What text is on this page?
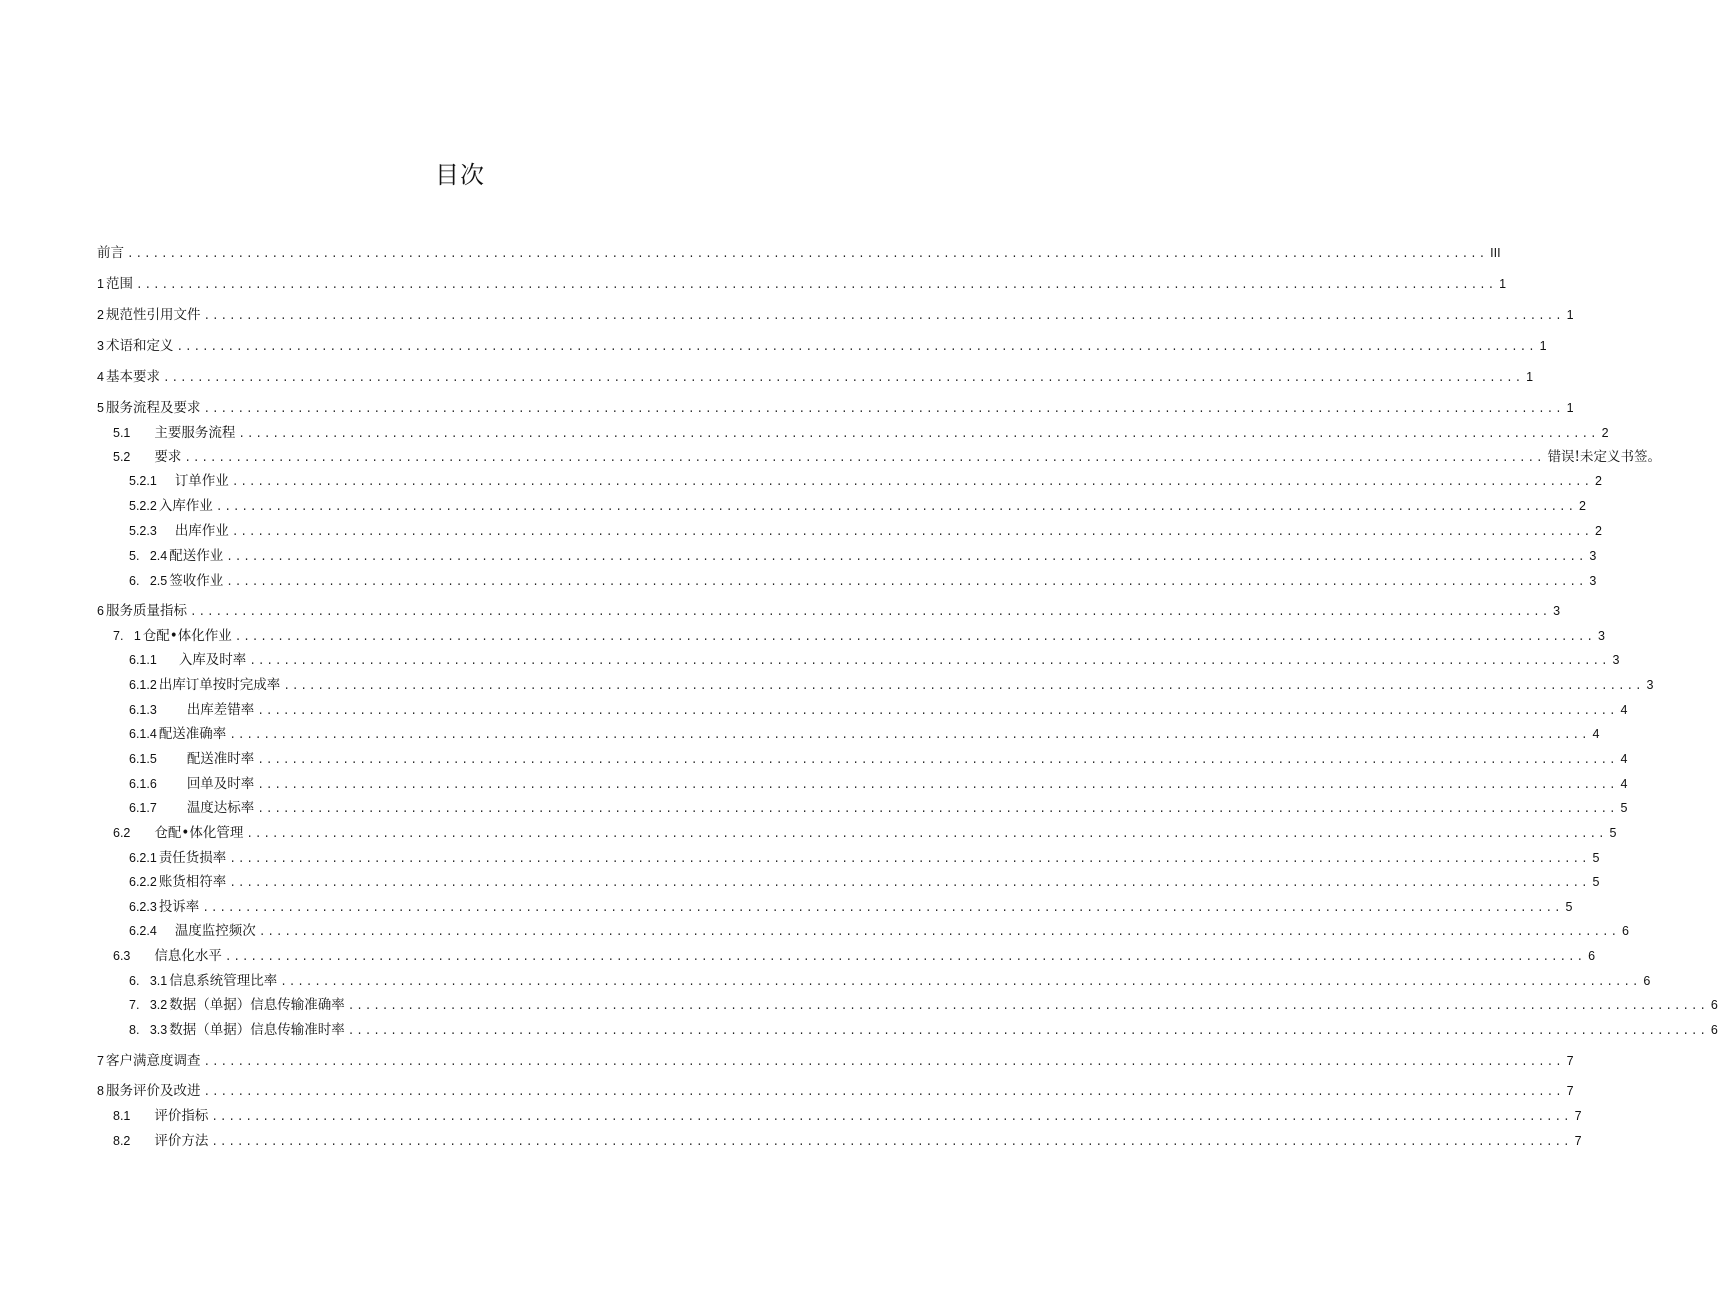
目次
前言 ................................................................................................................................................................ III
1 范围 ................................................................................................................................................................ 1
2 规范性引用文件 ................................................................................................................................................................ 1
3 术语和定义 ................................................................................................................................................................ 1
4 基本要求 ................................................................................................................................................................ 1
5 服务流程及要求 ................................................................................................................................................................ 1
5.1 主要服务流程 ................................................................................................................................................................ 2
5.2 要求 ................................................................................................................................................................ 错误!未定义书签。
5.2.1 订单作业 ................................................................................................................................................................ 2
5.2.2 入库作业 ................................................................................................................................................................ 2
5.2.3 出库作业 ................................................................................................................................................................ 2
5.   2.4 配送作业 ................................................................................................................................................................ 3
6.   2.5 签收作业 ................................................................................................................................................................ 3
6 服务质量指标 ................................................................................................................................................................ 3
7.   1 仓配•体化作业 ................................................................................................................................................................ 3
6.1.1 入库及时率 ................................................................................................................................................................ 3
6.1.2 出库订单按时完成率 ................................................................................................................................................................ 3
6.1.3 出库差错率 ................................................................................................................................................................ 4
6.1.4 配送准确率 ................................................................................................................................................................ 4
6.1.5 配送准时率 ................................................................................................................................................................ 4
6.1.6 回单及时率 ................................................................................................................................................................ 4
6.1.7 温度达标率 ................................................................................................................................................................ 5
6.2 仓配•体化管理 ................................................................................................................................................................ 5
6.2.1 责任货损率 ................................................................................................................................................................ 5
6.2.2 账货相符率 ................................................................................................................................................................ 5
6.2.3 投诉率 ................................................................................................................................................................ 5
6.2.4 温度监控频次 ................................................................................................................................................................ 6
6.3 信息化水平 ................................................................................................................................................................ 6
6.   3.1 信息系统管理比率 ................................................................................................................................................................ 6
7.   3.2 数据（单据）信息传输准确率 ................................................................................................................................................................ 6
8.   3.3 数据（单据）信息传输准时率 ................................................................................................................................................................ 6
7 客户满意度调查 ................................................................................................................................................................ 7
8 服务评价及改进 ................................................................................................................................................................ 7
8.1 评价指标 ................................................................................................................................................................ 7
8.2 评价方法 ................................................................................................................................................................ 7
